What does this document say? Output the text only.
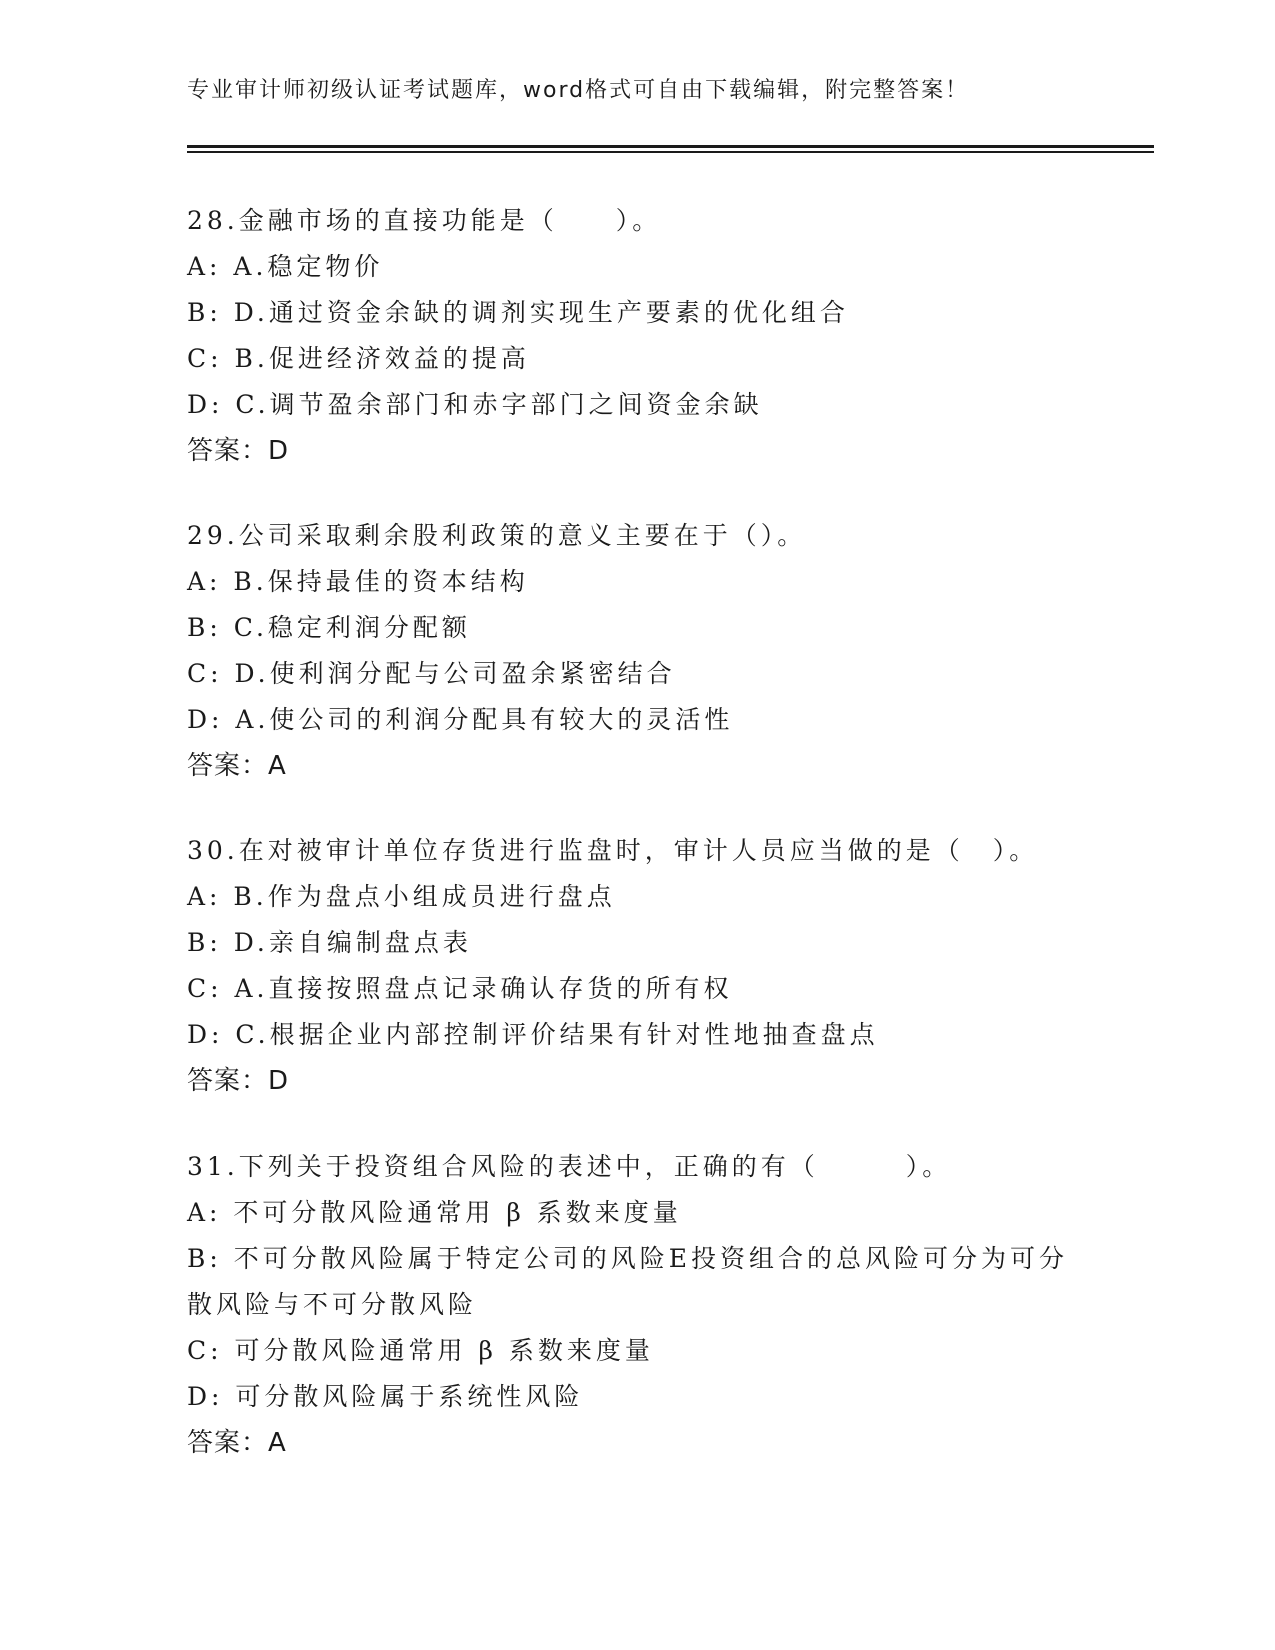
专业审计师初级认证考试题库，word格式可自由下载编辑，附完整答案！
28.金融市场的直接功能是（　　）。
A: A.稳定物价
B: D.通过资金余缺的调剂实现生产要素的优化组合
C: B.促进经济效益的提高
D: C.调节盈余部门和赤字部门之间资金余缺
答案：D
29.公司采取剩余股利政策的意义主要在于（）。
A: B.保持最佳的资本结构
B: C.稳定利润分配额
C: D.使利润分配与公司盈余紧密结合
D: A.使公司的利润分配具有较大的灵活性
答案：A
30.在对被审计单位存货进行监盘时，审计人员应当做的是（　）。
A: B.作为盘点小组成员进行盘点
B: D.亲自编制盘点表
C: A.直接按照盘点记录确认存货的所有权
D: C.根据企业内部控制评价结果有针对性地抽查盘点
答案：D
31.下列关于投资组合风险的表述中，正确的有（　　　）。
A: 不可分散风险通常用 β 系数来度量
B: 不可分散风险属于特定公司的风险E投资组合的总风险可分为可分
散风险与不可分散风险
C: 可分散风险通常用 β 系数来度量
D: 可分散风险属于系统性风险
答案：A
